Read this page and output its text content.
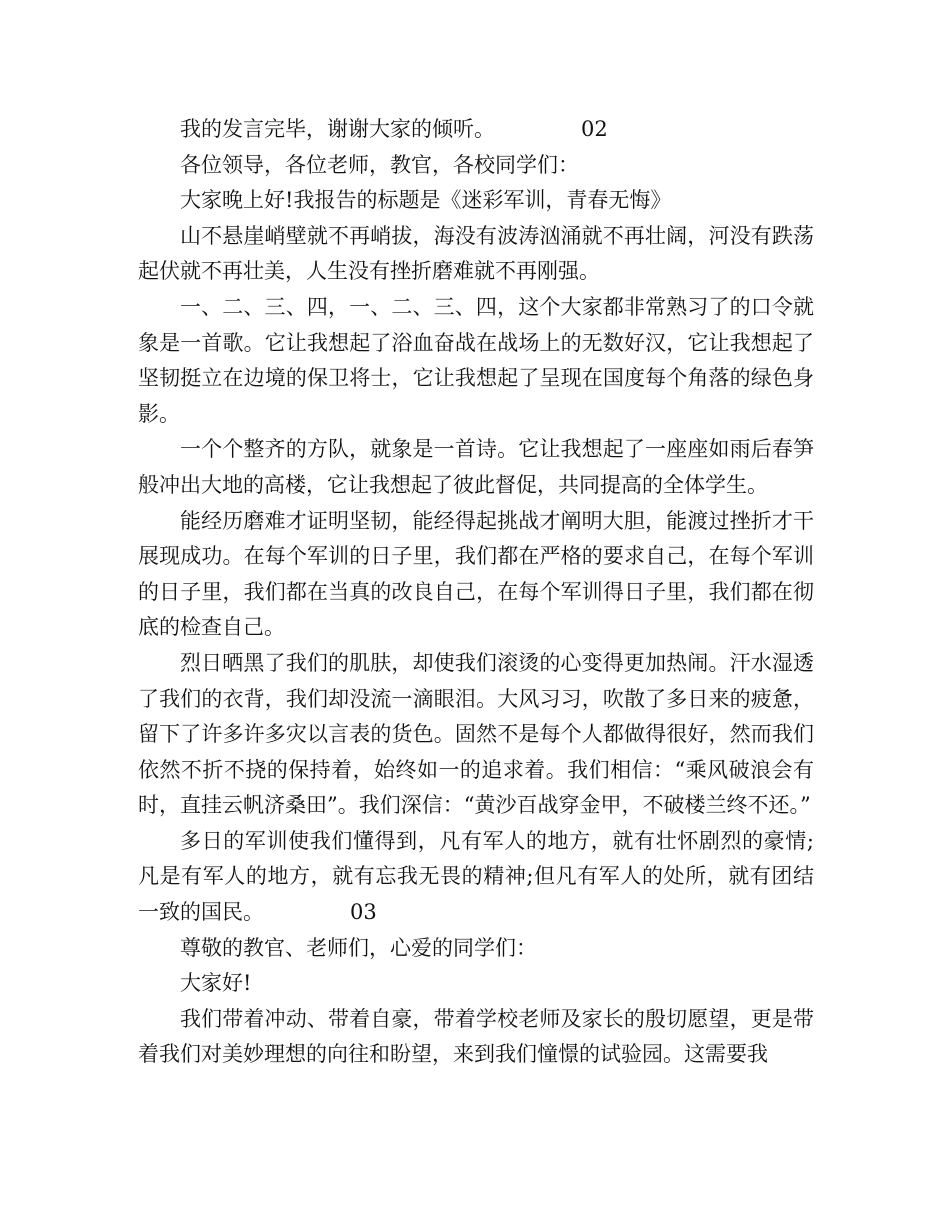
我的发言完毕，谢谢大家的倾听。	02

各位领导，各位老师，教官，各校同学们：

大家晚上好!我报告的标题是《迷彩军训，青春无悔》

山不悬崖峭壁就不再峭拔，海没有波涛汹涌就不再壮阔，河没有跌荡起伏就不再壮美，人生没有挫折磨难就不再刚强。

一、二、三、四，一、二、三、四，这个大家都非常熟习了的口令就象是一首歌。它让我想起了浴血奋战在战场上的无数好汉，它让我想起了坚韧挺立在边境的保卫将士，它让我想起了呈现在国度每个角落的绿色身影。

一个个整齐的方队，就象是一首诗。它让我想起了一座座如雨后春笋般冲出大地的高楼，它让我想起了彼此督促，共同提高的全体学生。

能经历磨难才证明坚韧，能经得起挑战才阐明大胆，能渡过挫折才干展现成功。在每个军训的日子里，我们都在严格的要求自己，在每个军训的日子里，我们都在当真的改良自己，在每个军训得日子里，我们都在彻底的检查自己。

烈日晒黑了我们的肌肤，却使我们滚烫的心变得更加热闹。汗水湿透了我们的衣背，我们却没流一滴眼泪。大风习习，吹散了多日来的疲惫，留下了许多许多灾以言表的货色。固然不是每个人都做得很好，然而我们依然不折不挠的保持着，始终如一的追求着。我们相信：“乘风破浪会有时，直挂云帆济桑田”。我们深信：“黄沙百战穿金甲，不破楼兰终不还。”

多日的军训使我们懂得到，凡有军人的地方，就有壮怀剧烈的豪情;凡是有军人的地方，就有忘我无畏的精神;但凡有军人的处所，就有团结一致的国民。	03

尊敬的教官、老师们，心爱的同学们：

大家好!

我们带着冲动、带着自豪，带着学校老师及家长的殷切愿望，更是带着我们对美妙理想的向往和盼望，来到我们憧憬的试验园。这需要我
